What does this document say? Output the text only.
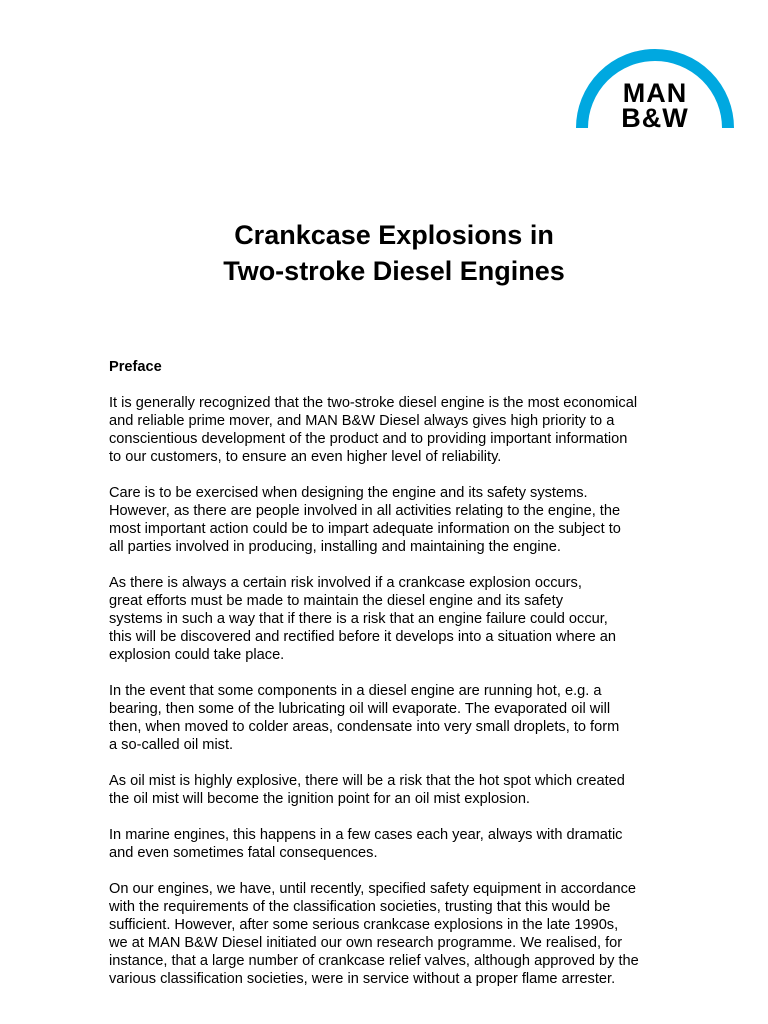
MAN
B&W
Crankcase Explosions in
Two-stroke Diesel Engines
Preface
It is generally recognized that the two-stroke diesel engine is the most economical
and reliable prime mover, and MAN B&W Diesel always gives high priority to a
conscientious development of the product and to providing important information
to our customers, to ensure an even higher level of reliability.
Care is to be exercised when designing the engine and its safety systems.
However, as there are people involved in all activities relating to the engine, the
most important action could be to impart adequate information on the subject to
all parties involved in producing, installing and maintaining the engine.
As there is always a certain risk involved if a crankcase explosion occurs,
great efforts must be made to maintain the diesel engine and its safety
systems in such a way that if there is a risk that an engine failure could occur,
this will be discovered and rectified before it develops into a situation where an
explosion could take place.
In the event that some components in a diesel engine are running hot, e.g. a
bearing, then some of the lubricating oil will evaporate. The evaporated oil will
then, when moved to colder areas, condensate into very small droplets, to form
a so-called oil mist.
As oil mist is highly explosive, there will be a risk that the hot spot which created
the oil mist will become the ignition point for an oil mist explosion.
In marine engines, this happens in a few cases each year, always with dramatic
and even sometimes fatal consequences.
On our engines, we have, until recently, specified safety equipment in accordance
with the requirements of the classification societies, trusting that this would be
sufficient. However, after some serious crankcase explosions in the late 1990s,
we at MAN B&W Diesel initiated our own research programme. We realised, for
instance, that a large number of crankcase relief valves, although approved by the
various classification societies, were in service without a proper flame arrester.
